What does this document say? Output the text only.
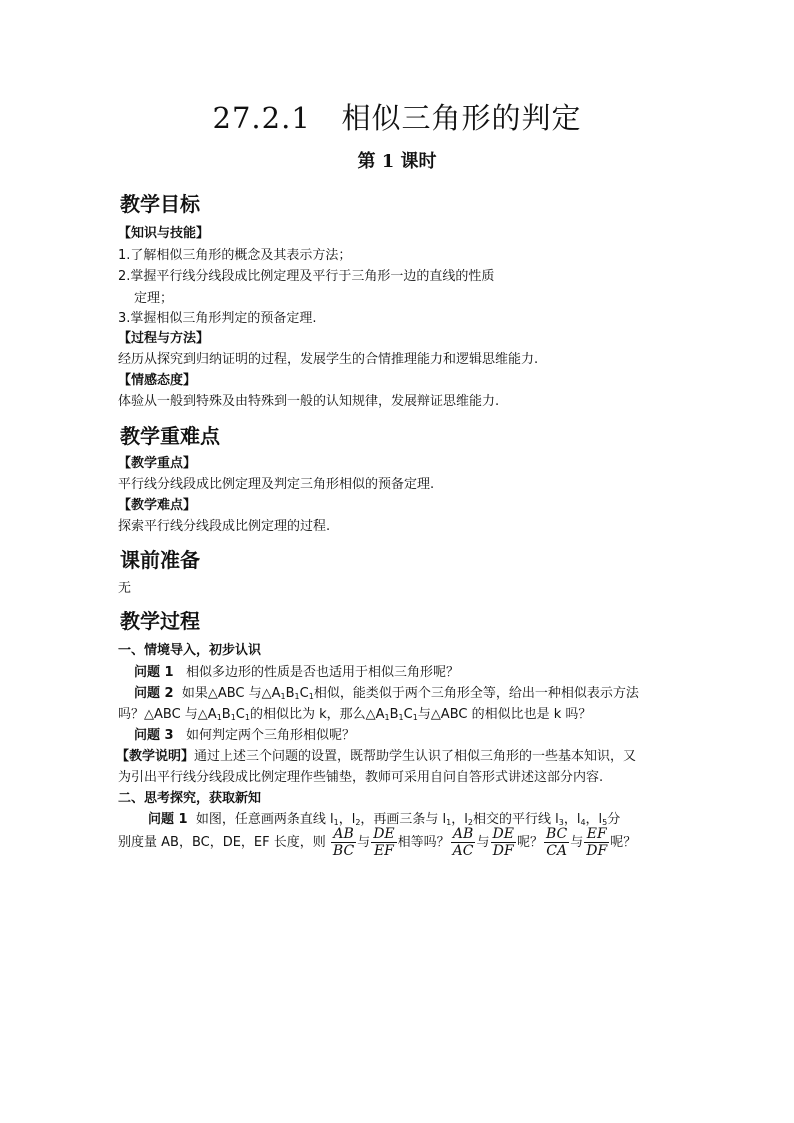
27.2.1 相似三角形的判定
第 1 课时
教学目标
【知识与技能】
1.了解相似三角形的概念及其表示方法；
2.掌握平行线分线段成比例定理及平行于三角形一边的直线的性质
定理；
3.掌握相似三角形判定的预备定理.
【过程与方法】
经历从探究到归纳证明的过程，发展学生的合情推理能力和逻辑思维能力.
【情感态度】
体验从一般到特殊及由特殊到一般的认知规律，发展辩证思维能力.
教学重难点
【教学重点】
平行线分线段成比例定理及判定三角形相似的预备定理.
【教学难点】
探索平行线分线段成比例定理的过程.
课前准备
无
教学过程
一、情境导入，初步认识
问题 1 相似多边形的性质是否也适用于相似三角形呢？
问题 2 如果△ABC 与$\triangle A_1B_1C_1$相似，能类似于两个三角形全等，给出一种相似表示方法
吗？△ABC 与$\triangle A_1B_1C_1$的相似比为 k，那么$\triangle A_1B_1C_1$与△ABC 的相似比也是 k 吗？
问题 3 如何判定两个三角形相似呢？
【教学说明】通过上述三个问题的设置，既帮助学生认识了相似三角形的一些基本知识，又
为引出平行线分线段成比例定理作些铺垫，教师可采用自问自答形式讲述这部分内容.
二、思考探究，获取新知
问题 1 如图，任意画两条直线 $l_1$，$l_2$，再画三条与 $l_1$，$l_2$相交的平行线 $l_3$，$l_4$，$l_5$分
别度量 AB，BC，DE，EF 长度，则 $\frac{AB}{BC}$ 与 $\frac{DE}{EF}$ 相等吗？ $\frac{AB}{AC}$ 与 $\frac{DE}{DF}$ 呢？ $\frac{BC}{CA}$ 与 $\frac{EF}{DF}$ 呢？
